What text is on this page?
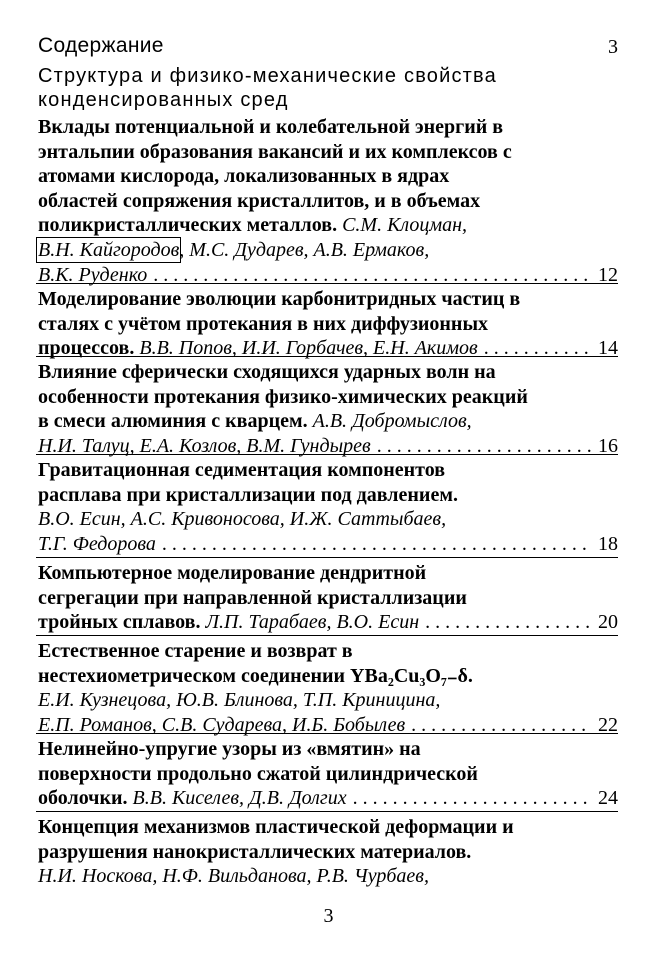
Содержание	3
Структура и физико-механические свойства
конденсированных сред
Вклады потенциальной и колебательной энергий в
энтальпии образования вакансий и их комплексов с
атомами кислорода, локализованных в ядрах
областей сопряжения кристаллитов, и в объемах
поликристаллических металлов. С.М. Клоцман,
В.Н. Кайгородов, М.С. Дударев, А.В. Ермаков,
В.К. Руденко . . .	12
Моделирование эволюции карбонитридных частиц в
сталях с учётом протекания в них диффузионных
процессов. В.В. Попов, И.И. Горбачев, Е.Н. Акимов . . .	14
Влияние сферически сходящихся ударных волн на
особенности протекания физико-химических реакций
в смеси алюминия с кварцем. А.В. Добромыслов,
Н.И. Талуц, Е.А. Козлов, В.М. Гундырев . . .	16
Гравитационная седиментация компонентов
расплава при кристаллизации под давлением.
В.О. Есин, А.С. Кривоносова, И.Ж. Саттыбаев,
Т.Г. Федорова . . .	18
Компьютерное моделирование дендритной
сегрегации при направленной кристаллизации
тройных сплавов. Л.П. Тарабаев, В.О. Есин . . .	20
Естественное старение и возврат в
нестехиометрическом соединении YBa₂Cu₃O₇₋δ.
Е.И. Кузнецова, Ю.В. Блинова, Т.П. Криницина,
Е.П. Романов, С.В. Сударева, И.Б. Бобылев . . .	22
Нелинейно-упругие узоры из «вмятин» на
поверхности продольно сжатой цилиндрической
оболочки. В.В. Киселев, Д.В. Долгих . . .	24
Концепция механизмов пластической деформации и
разрушения нанокристаллических материалов.
Н.И. Носкова, Н.Ф. Вильданова, Р.В. Чурбаев,
3
